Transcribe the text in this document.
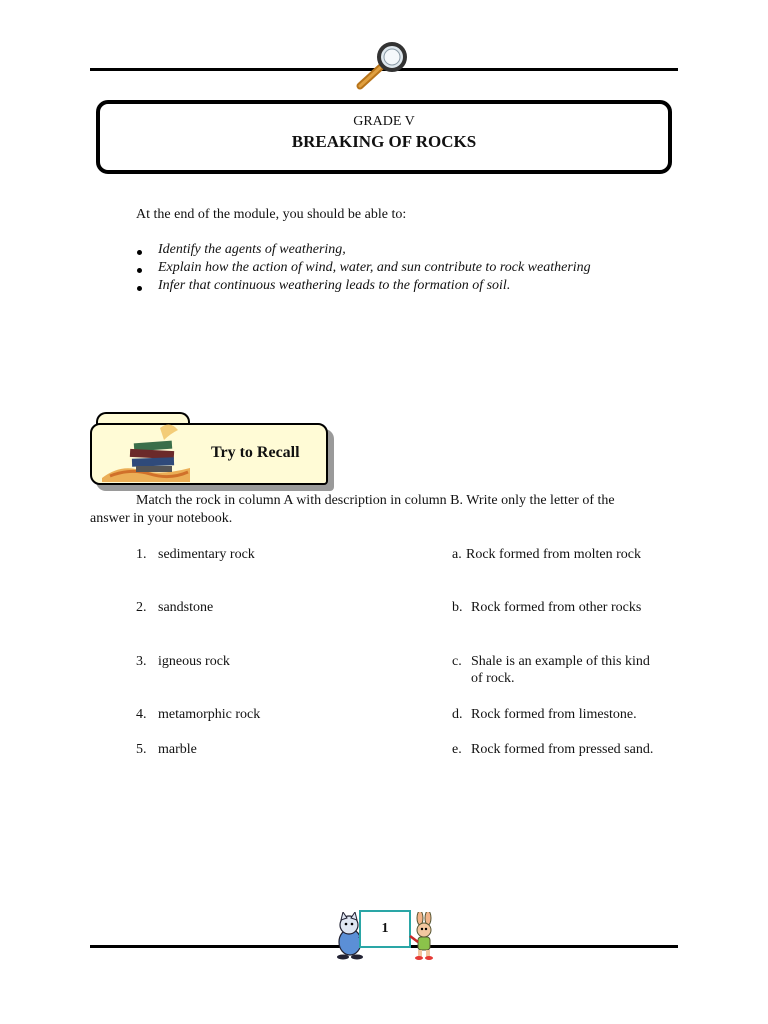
GRADE V
BREAKING OF ROCKS
At the end of the module, you should be able to:
Identify the agents of weathering,
Explain how the action of wind, water, and sun contribute to rock weathering
Infer that continuous weathering leads to the formation of soil.
Try to Recall
Match the rock in column A with description in column B. Write only the letter of the
answer in your notebook.
1. sedimentary rock
2. sandstone
3. igneous rock
4. metamorphic rock
5. marble
a. Rock formed from molten rock
b. Rock formed from other rocks
c. Shale is an example of this kind
of rock.
d. Rock formed from limestone.
e. Rock formed from pressed sand.
1
